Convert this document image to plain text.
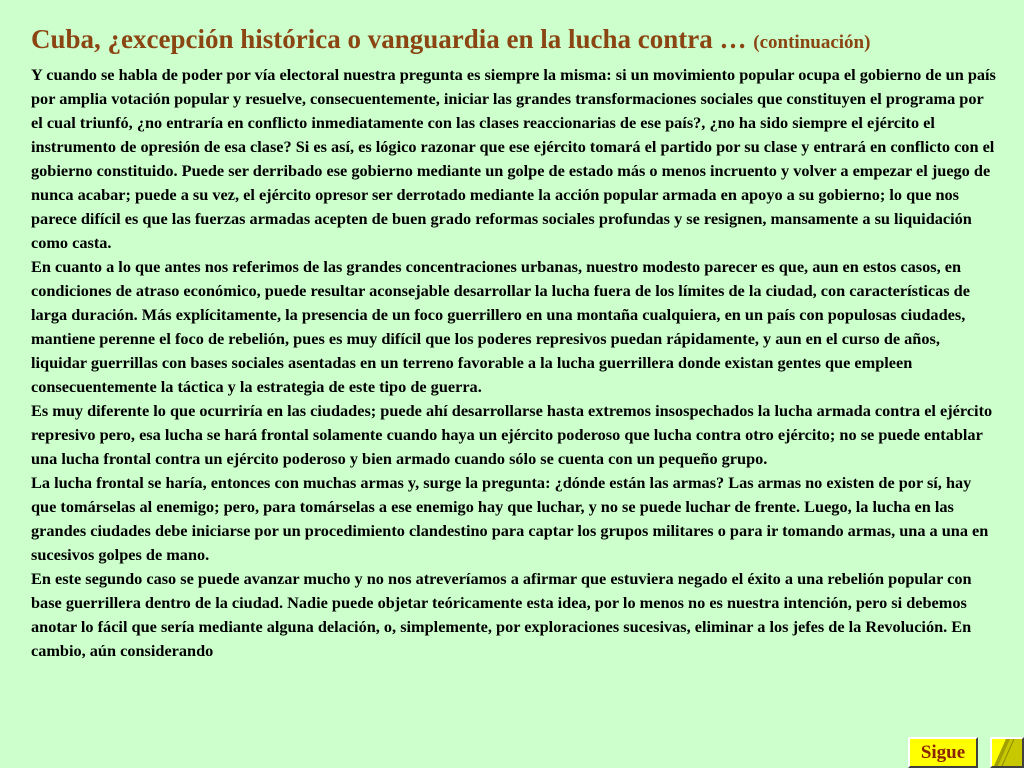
Cuba, ¿excepción histórica o vanguardia en la lucha contra … (continuación)

Y cuando se habla de poder por vía electoral nuestra pregunta es siempre la misma: si un movimiento popular ocupa el gobierno de un país por amplia votación popular y resuelve, consecuentemente, iniciar las grandes transformaciones sociales que constituyen el programa por el cual triunfó, ¿no entraría en conflicto inmediatamente con las clases reaccionarias de ese país?, ¿no ha sido siempre el ejército el instrumento de opresión de esa clase? Si es así, es lógico razonar que ese ejército tomará el partido por su clase y entrará en conflicto con el gobierno constituido. Puede ser derribado ese gobierno mediante un golpe de estado más o menos incruento y volver a empezar el juego de nunca acabar; puede a su vez, el ejército opresor ser derrotado mediante la acción popular armada en apoyo a su gobierno; lo que nos parece difícil es que las fuerzas armadas acepten de buen grado reformas sociales profundas y se resignen, mansamente a su liquidación como casta.

En cuanto a lo que antes nos referimos de las grandes concentraciones urbanas, nuestro modesto parecer es que, aun en estos casos, en condiciones de atraso económico, puede resultar aconsejable desarrollar la lucha fuera de los límites de la ciudad, con características de larga duración. Más explícitamente, la presencia de un foco guerrillero en una montaña cualquiera, en un país con populosas ciudades, mantiene perenne el foco de rebelión, pues es muy difícil que los poderes represivos puedan rápidamente, y aun en el curso de años, liquidar guerrillas con bases sociales asentadas en un terreno favorable a la lucha guerrillera donde existan gentes que empleen consecuentemente la táctica y la estrategia de este tipo de guerra.

Es muy diferente lo que ocurriría en las ciudades; puede ahí desarrollarse hasta extremos insospechados la lucha armada contra el ejército represivo pero, esa lucha se hará frontal solamente cuando haya un ejército poderoso que lucha contra otro ejército; no se puede entablar una lucha frontal contra un ejército poderoso y bien armado cuando sólo se cuenta con un pequeño grupo.

La lucha frontal se haría, entonces con muchas armas y, surge la pregunta: ¿dónde están las armas? Las armas no existen de por sí, hay que tomárselas al enemigo; pero, para tomárselas a ese enemigo hay que luchar, y no se puede luchar de frente. Luego, la lucha en las grandes ciudades debe iniciarse por un procedimiento clandestino para captar los grupos militares o para ir tomando armas, una a una en sucesivos golpes de mano.

En este segundo caso se puede avanzar mucho y no nos atreveríamos a afirmar que estuviera negado el éxito a una rebelión popular con base guerrillera dentro de la ciudad. Nadie puede objetar teóricamente esta idea, por lo menos no es nuestra intención, pero si debemos anotar lo fácil que sería mediante alguna delación, o, simplemente, por exploraciones sucesivas, eliminar a los jefes de la Revolución. En cambio, aún considerando

Sigue
